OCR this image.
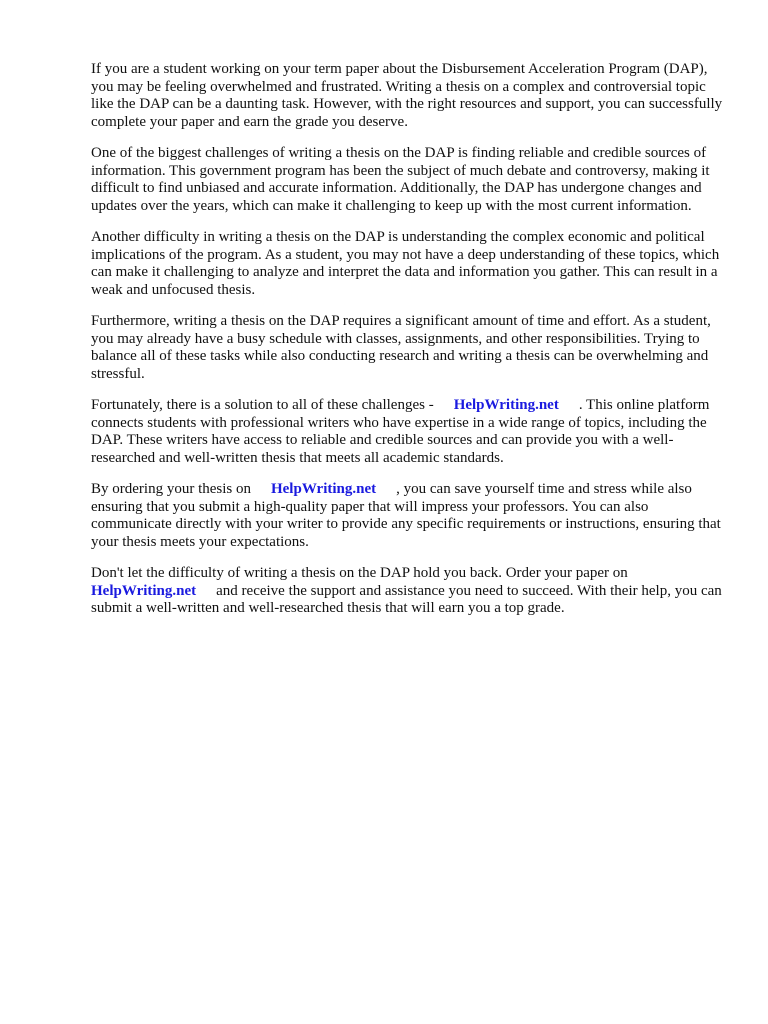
If you are a student working on your term paper about the Disbursement Acceleration Program (DAP), you may be feeling overwhelmed and frustrated. Writing a thesis on a complex and controversial topic like the DAP can be a daunting task. However, with the right resources and support, you can successfully complete your paper and earn the grade you deserve.

One of the biggest challenges of writing a thesis on the DAP is finding reliable and credible sources of information. This government program has been the subject of much debate and controversy, making it difficult to find unbiased and accurate information. Additionally, the DAP has undergone changes and updates over the years, which can make it challenging to keep up with the most current information.

Another difficulty in writing a thesis on the DAP is understanding the complex economic and political implications of the program. As a student, you may not have a deep understanding of these topics, which can make it challenging to analyze and interpret the data and information you gather. This can result in a weak and unfocused thesis.

Furthermore, writing a thesis on the DAP requires a significant amount of time and effort. As a student, you may already have a busy schedule with classes, assignments, and other responsibilities. Trying to balance all of these tasks while also conducting research and writing a thesis can be overwhelming and stressful.

Fortunately, there is a solution to all of these challenges - HelpWriting.net . This online platform connects students with professional writers who have expertise in a wide range of topics, including the DAP. These writers have access to reliable and credible sources and can provide you with a well-researched and well-written thesis that meets all academic standards.

By ordering your thesis on HelpWriting.net , you can save yourself time and stress while also ensuring that you submit a high-quality paper that will impress your professors. You can also communicate directly with your writer to provide any specific requirements or instructions, ensuring that your thesis meets your expectations.

Don't let the difficulty of writing a thesis on the DAP hold you back. Order your paper on HelpWriting.net and receive the support and assistance you need to succeed. With their help, you can submit a well-written and well-researched thesis that will earn you a top grade.
